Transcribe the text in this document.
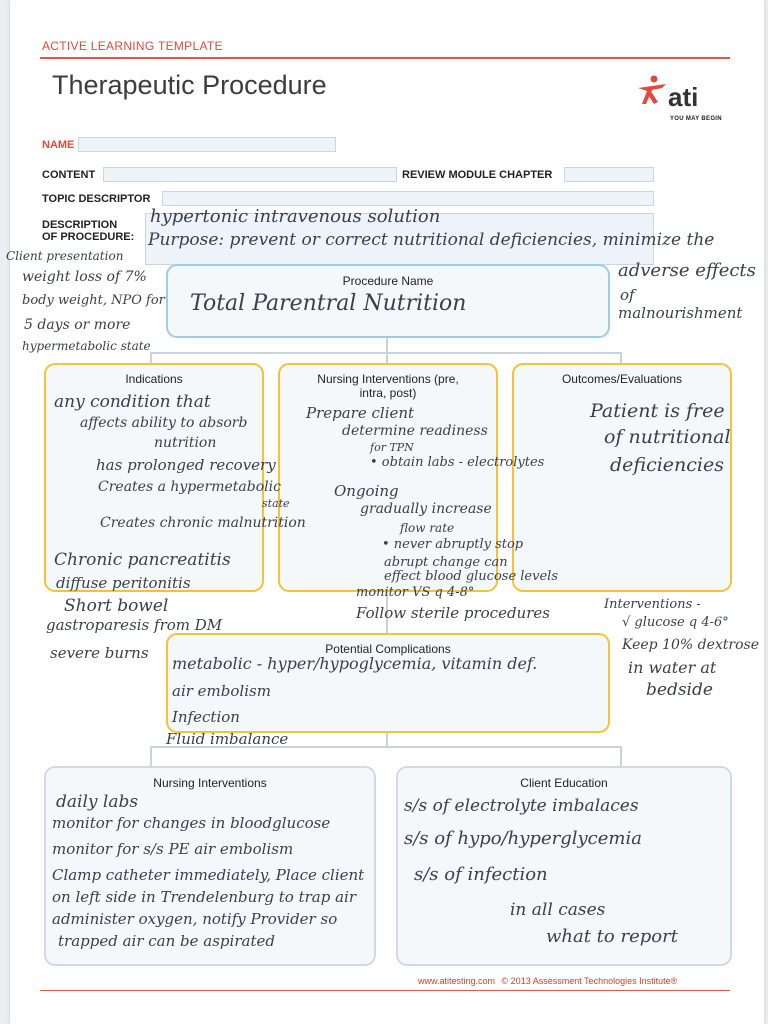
ACTIVE LEARNING TEMPLATE
Therapeutic Procedure	ati
YOU MAY BEGIN
NAME
CONTENT	REVIEW MODULE CHAPTER
TOPIC DESCRIPTOR
DESCRIPTION
OF PROCEDURE:
Procedure Name
Indications	Nursing Interventions (pre,
intra, post)
Outcomes/Evaluations
Potential Complications
Nursing Interventions	Client Education
hypertonic intravenous solution
Purpose: prevent or correct nutritional deficiencies, minimize the
adverse effects
of
malnourishment
Client presentation
weight loss of 7%
body weight, NPO for
5 days or more
hypermetabolic state
Total Parentral Nutrition
any condition that
affects ability to absorb
nutrition
has prolonged recovery
Creates a hypermetabolic
state
Creates chronic malnutrition
Chronic pancreatitis
diffuse peritonitis
Short bowel
gastroparesis from DM
severe burns
Prepare client
determine readiness
for TPN
• obtain labs - electrolytes
Ongoing
gradually increase
flow rate
• never abruptly stop
abrupt change can
effect blood glucose levels
monitor VS q 4-8°
Follow sterile procedures
Patient is free
of nutritional
deficiencies
Interventions -
√ glucose q 4-6°
Keep 10% dextrose
in water at
bedside
metabolic - hyper/hypoglycemia, vitamin def.
air embolism
Infection
Fluid imbalance
daily labs
monitor for changes in bloodglucose
monitor for s/s PE air embolism
Clamp catheter immediately, Place client
on left side in Trendelenburg to trap air
administer oxygen, notify Provider so
trapped air can be aspirated
s/s of electrolyte imbalaces
s/s of hypo/hyperglycemia
s/s of infection
in all cases
what to report
www.atitesting.com © 2013 Assessment Technologies Institute®
